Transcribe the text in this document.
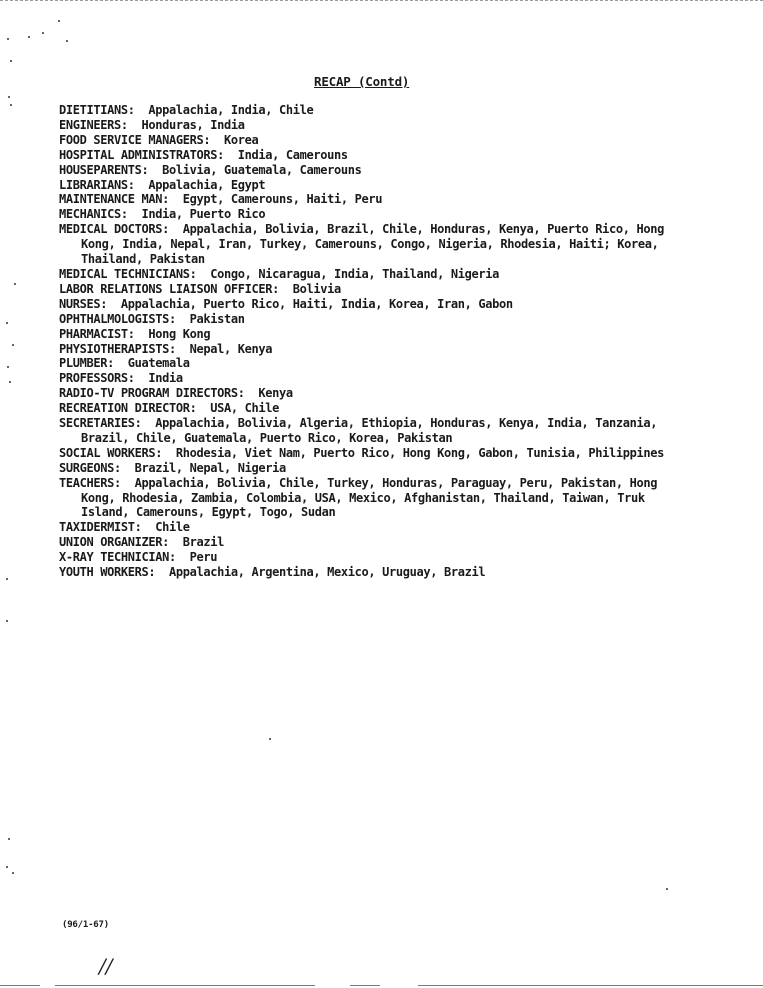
RECAP (Contd)
DIETITIANS:  Appalachia, India, Chile
ENGINEERS:  Honduras, India
FOOD SERVICE MANAGERS:  Korea
HOSPITAL ADMINISTRATORS:  India, Camerouns
HOUSEPARENTS:  Bolivia, Guatemala, Camerouns
LIBRARIANS:  Appalachia, Egypt
MAINTENANCE MAN:  Egypt, Camerouns, Haiti, Peru
MECHANICS:  India, Puerto Rico
MEDICAL DOCTORS:  Appalachia, Bolivia, Brazil, Chile, Honduras, Kenya, Puerto Rico, Hong
Kong, India, Nepal, Iran, Turkey, Camerouns, Congo, Nigeria, Rhodesia, Haiti; Korea,
Thailand, Pakistan
MEDICAL TECHNICIANS:  Congo, Nicaragua, India, Thailand, Nigeria
LABOR RELATIONS LIAISON OFFICER:  Bolivia
NURSES:  Appalachia, Puerto Rico, Haiti, India, Korea, Iran, Gabon
OPHTHALMOLOGISTS:  Pakistan
PHARMACIST:  Hong Kong
PHYSIOTHERAPISTS:  Nepal, Kenya
PLUMBER:  Guatemala
PROFESSORS:  India
RADIO-TV PROGRAM DIRECTORS:  Kenya
RECREATION DIRECTOR:  USA, Chile
SECRETARIES:  Appalachia, Bolivia, Algeria, Ethiopia, Honduras, Kenya, India, Tanzania,
Brazil, Chile, Guatemala, Puerto Rico, Korea, Pakistan
SOCIAL WORKERS:  Rhodesia, Viet Nam, Puerto Rico, Hong Kong, Gabon, Tunisia, Philippines
SURGEONS:  Brazil, Nepal, Nigeria
TEACHERS:  Appalachia, Bolivia, Chile, Turkey, Honduras, Paraguay, Peru, Pakistan, Hong
Kong, Rhodesia, Zambia, Colombia, USA, Mexico, Afghanistan, Thailand, Taiwan, Truk
Island, Camerouns, Egypt, Togo, Sudan
TAXIDERMIST:  Chile
UNION ORGANIZER:  Brazil
X-RAY TECHNICIAN:  Peru
YOUTH WORKERS:  Appalachia, Argentina, Mexico, Uruguay, Brazil
(96/1-67)
//
